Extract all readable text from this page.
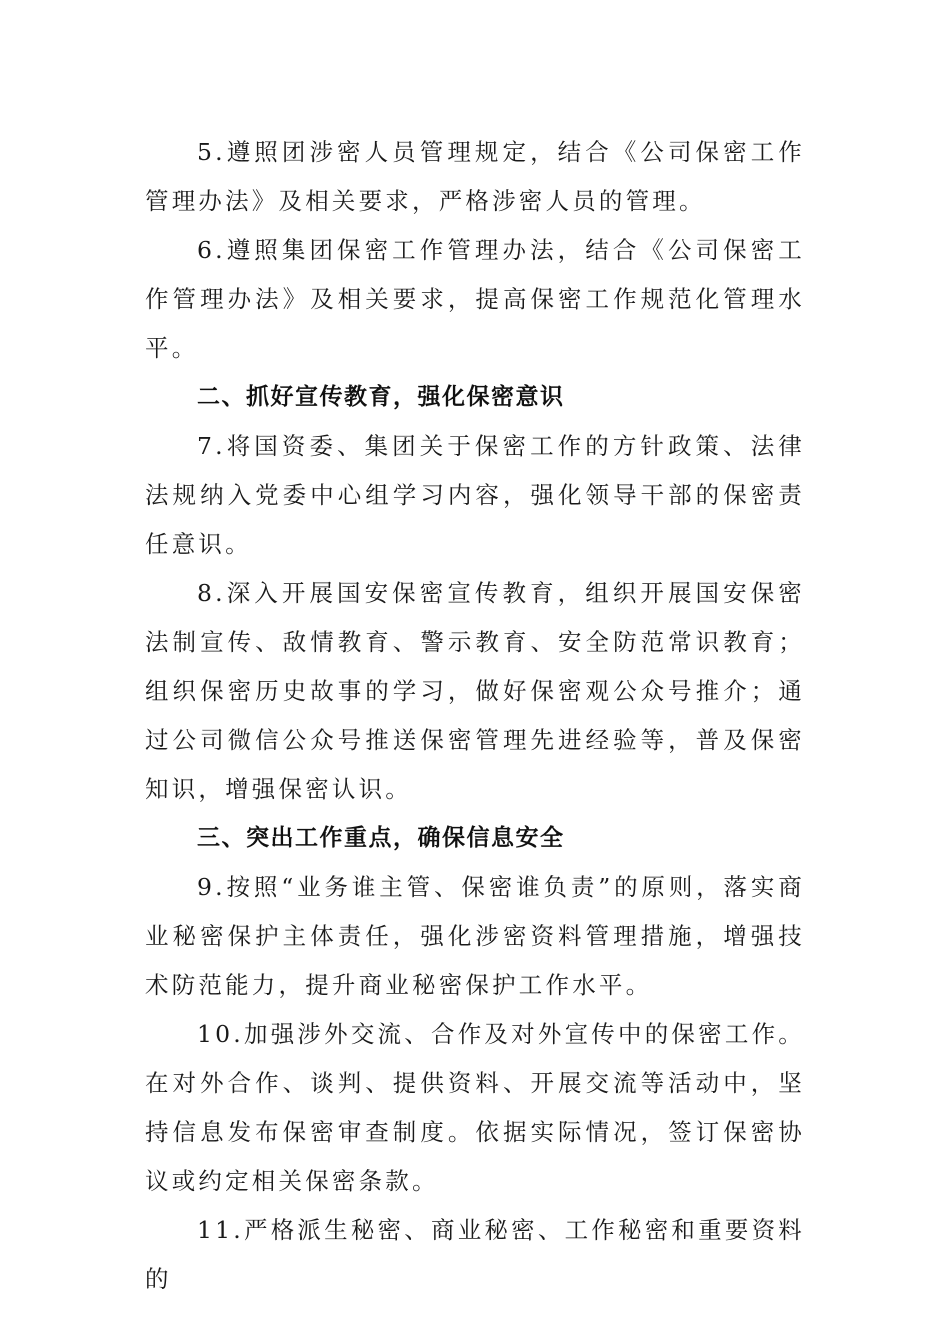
5.遵照团涉密人员管理规定，结合《公司保密工作管理办法》及相关要求，严格涉密人员的管理。

6.遵照集团保密工作管理办法，结合《公司保密工作管理办法》及相关要求，提高保密工作规范化管理水平。

二、抓好宣传教育，强化保密意识

7.将国资委、集团关于保密工作的方针政策、法律法规纳入党委中心组学习内容，强化领导干部的保密责任意识。

8.深入开展国安保密宣传教育，组织开展国安保密法制宣传、敌情教育、警示教育、安全防范常识教育；组织保密历史故事的学习，做好保密观公众号推介；通过公司微信公众号推送保密管理先进经验等，普及保密知识，增强保密认识。

三、突出工作重点，确保信息安全

9.按照“业务谁主管、保密谁负责”的原则，落实商业秘密保护主体责任，强化涉密资料管理措施，增强技术防范能力，提升商业秘密保护工作水平。

10.加强涉外交流、合作及对外宣传中的保密工作。在对外合作、谈判、提供资料、开展交流等活动中，坚持信息发布保密审查制度。依据实际情况，签订保密协议或约定相关保密条款。

11.严格派生秘密、商业秘密、工作秘密和重要资料的
